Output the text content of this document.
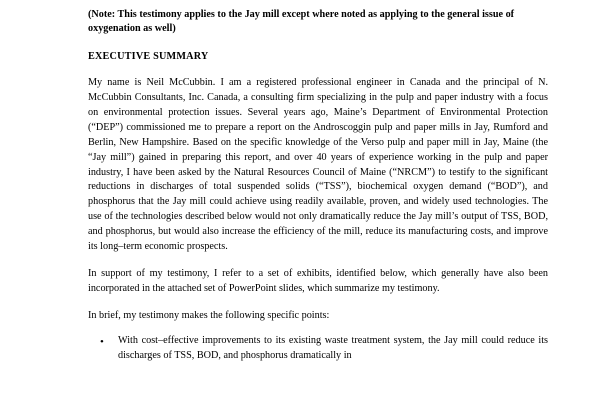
(Note: This testimony applies to the Jay mill except where noted as applying to the general issue of oxygenation as well)

EXECUTIVE SUMMARY

My name is Neil McCubbin. I am a registered professional engineer in Canada and the principal of N. McCubbin Consultants, Inc. Canada, a consulting firm specializing in the pulp and paper industry with a focus on environmental protection issues. Several years ago, Maine’s Department of Environmental Protection (“DEP”) commissioned me to prepare a report on the Androscoggin pulp and paper mills in Jay, Rumford and Berlin, New Hampshire. Based on the specific knowledge of the Verso pulp and paper mill in Jay, Maine (the “Jay mill”) gained in preparing this report, and over 40 years of experience working in the pulp and paper industry, I have been asked by the Natural Resources Council of Maine (“NRCM”) to testify to the significant reductions in discharges of total suspended solids (“TSS”), biochemical oxygen demand (“BOD”), and phosphorus that the Jay mill could achieve using readily available, proven, and widely used technologies. The use of the technologies described below would not only dramatically reduce the Jay mill’s output of TSS, BOD, and phosphorus, but would also increase the efficiency of the mill, reduce its manufacturing costs, and improve its long–term economic prospects.

In support of my testimony, I refer to a set of exhibits, identified below, which generally have also been incorporated in the attached set of PowerPoint slides, which summarize my testimony.

In brief, my testimony makes the following specific points:

• With cost–effective improvements to its existing waste treatment system, the Jay mill could reduce its discharges of TSS, BOD, and phosphorus dramatically in
